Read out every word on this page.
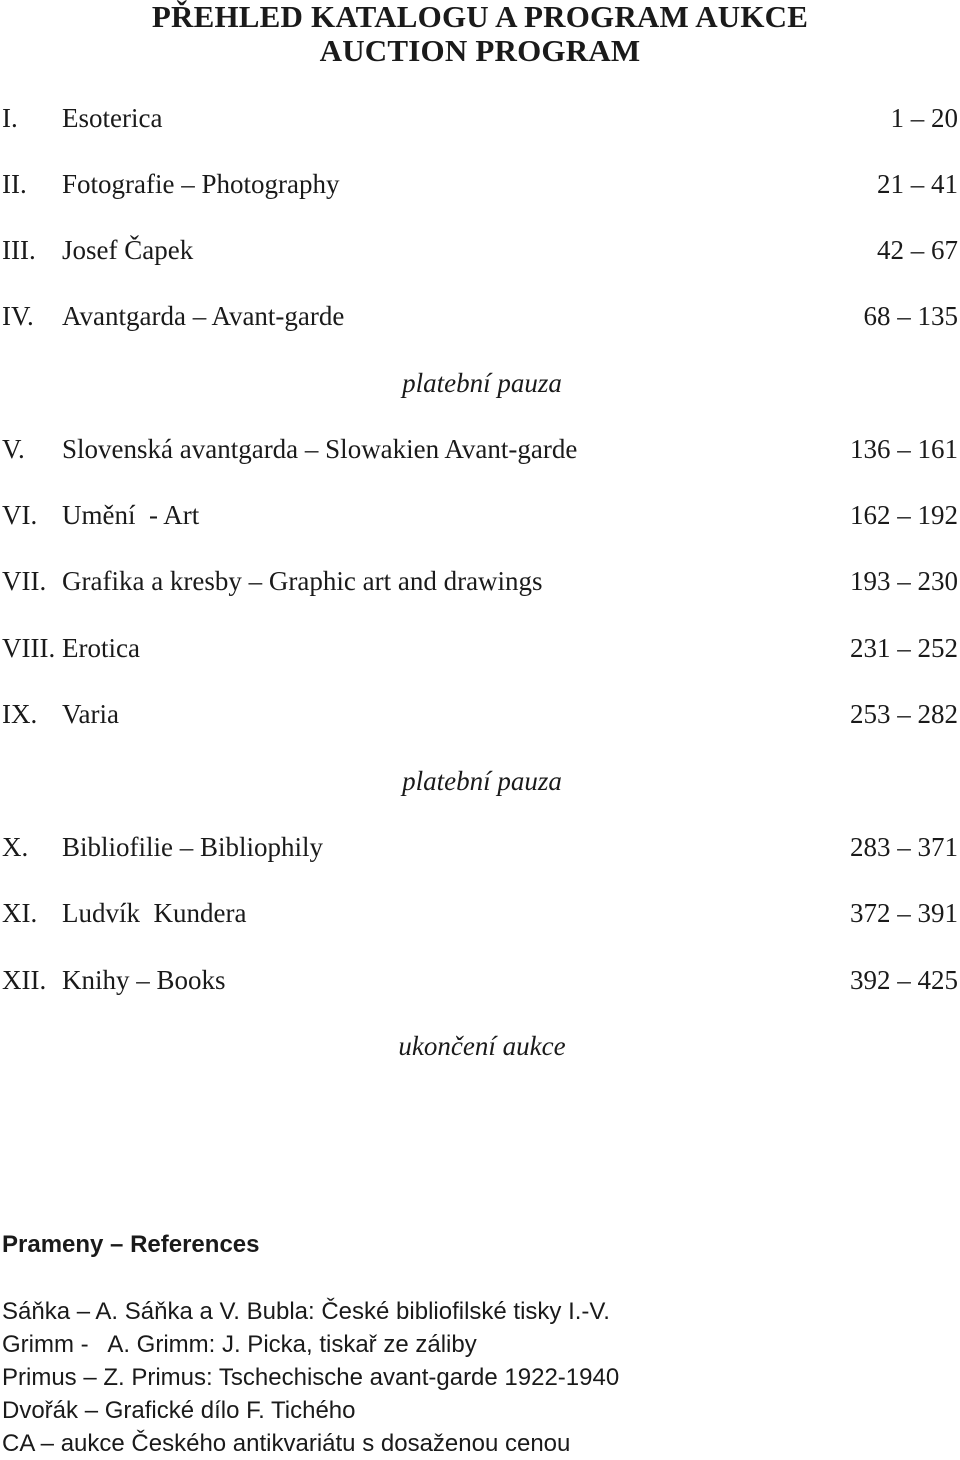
PŘEHLED KATALOGU A PROGRAM AUKCE
AUCTION PROGRAM
I. Esoterica	1 – 20
II. Fotografie – Photography	21 – 41
III. Josef Čapek	42 – 67
IV. Avantgarda – Avant-garde	68 – 135
platební pauza
V. Slovenská avantgarda – Slowakien Avant-garde	136 – 161
VI. Umění  - Art	162 – 192
VII. Grafika a kresby – Graphic art and drawings	193 – 230
VIII. Erotica	231 – 252
IX. Varia	253 – 282
platební pauza
X. Bibliofilie – Bibliophily	283 – 371
XI. Ludvík  Kundera	372 – 391
XII. Knihy – Books	392 – 425
ukončení aukce
Prameny – References
Sáňka – A. Sáňka a V. Bubla: České bibliofilské tisky I.-V.
Grimm -   A. Grimm: J. Picka, tiskař ze záliby
Primus – Z. Primus: Tschechische avant-garde 1922-1940
Dvořák – Grafické dílo F. Tichého
CA – aukce Českého antikvariátu s dosaženou cenou
